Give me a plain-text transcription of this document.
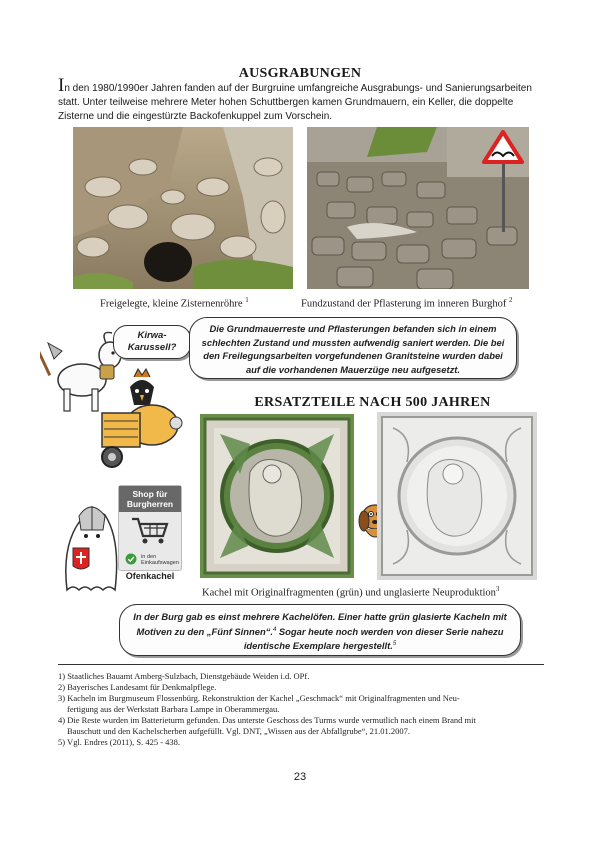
AUSGRABUNGEN
In den 1980/1990er Jahren fanden auf der Burgruine umfangreiche Ausgrabungs- und Sanierungsarbeiten statt. Unter teilweise mehrere Meter hohen Schuttbergen kamen Grundmauern, ein Keller, die doppelte Zisterne und die eingestürzte Backofenkuppel zum Vorschein.
Freigelegte, kleine Zisternenröhre $^1$	Fundzustand der Pflasterung im inneren Burghof $^2$
Kirwa-
Karussell?
Die Grundmauerreste und Pflasterungen befanden sich in einem schlechten Zustand und mussten aufwendig saniert werden. Die bei den Freilegungsarbeiten vorgefundenen Granitsteine wurden dabei auf die vorhandenen Mauerzüge neu aufgesetzt.
ERSATZTEILE NACH 500 JAHREN
Shop für Burgherren
in den Einkaufswagen
Ofenkachel
Kachel mit Originalfragmenten (grün) und unglasierte Neuproduktion$^3$
In der Burg gab es einst mehrere Kachelöfen. Einer hatte grün glasierte Kacheln mit Motiven zu den „Fünf Sinnen“.$^4$ Sogar heute noch werden von dieser Serie nahezu identische Exemplare hergestellt.$^5$
1) Staatliches Bauamt Amberg-Sulzbach, Dienstgebäude Weiden i.d. OPf.
2) Bayerisches Landesamt für Denkmalpflege.
3) Kacheln im Burgmuseum Flossenbürg. Rekonstruktion der Kachel „Geschmack“ mit Originalfragmenten und Neu-
fertigung aus der Werkstatt Barbara Lampe in Oberammergau.
4) Die Reste wurden im Batterieturm gefunden. Das unterste Geschoss des Turms wurde vermutlich nach einem Brand mit
Bauschutt und den Kachelscherben aufgefüllt. Vgl. DNT, „Wissen aus der Abfallgrube“, 21.01.2007.
5) Vgl. Endres (2011), S. 425 - 438.
23
